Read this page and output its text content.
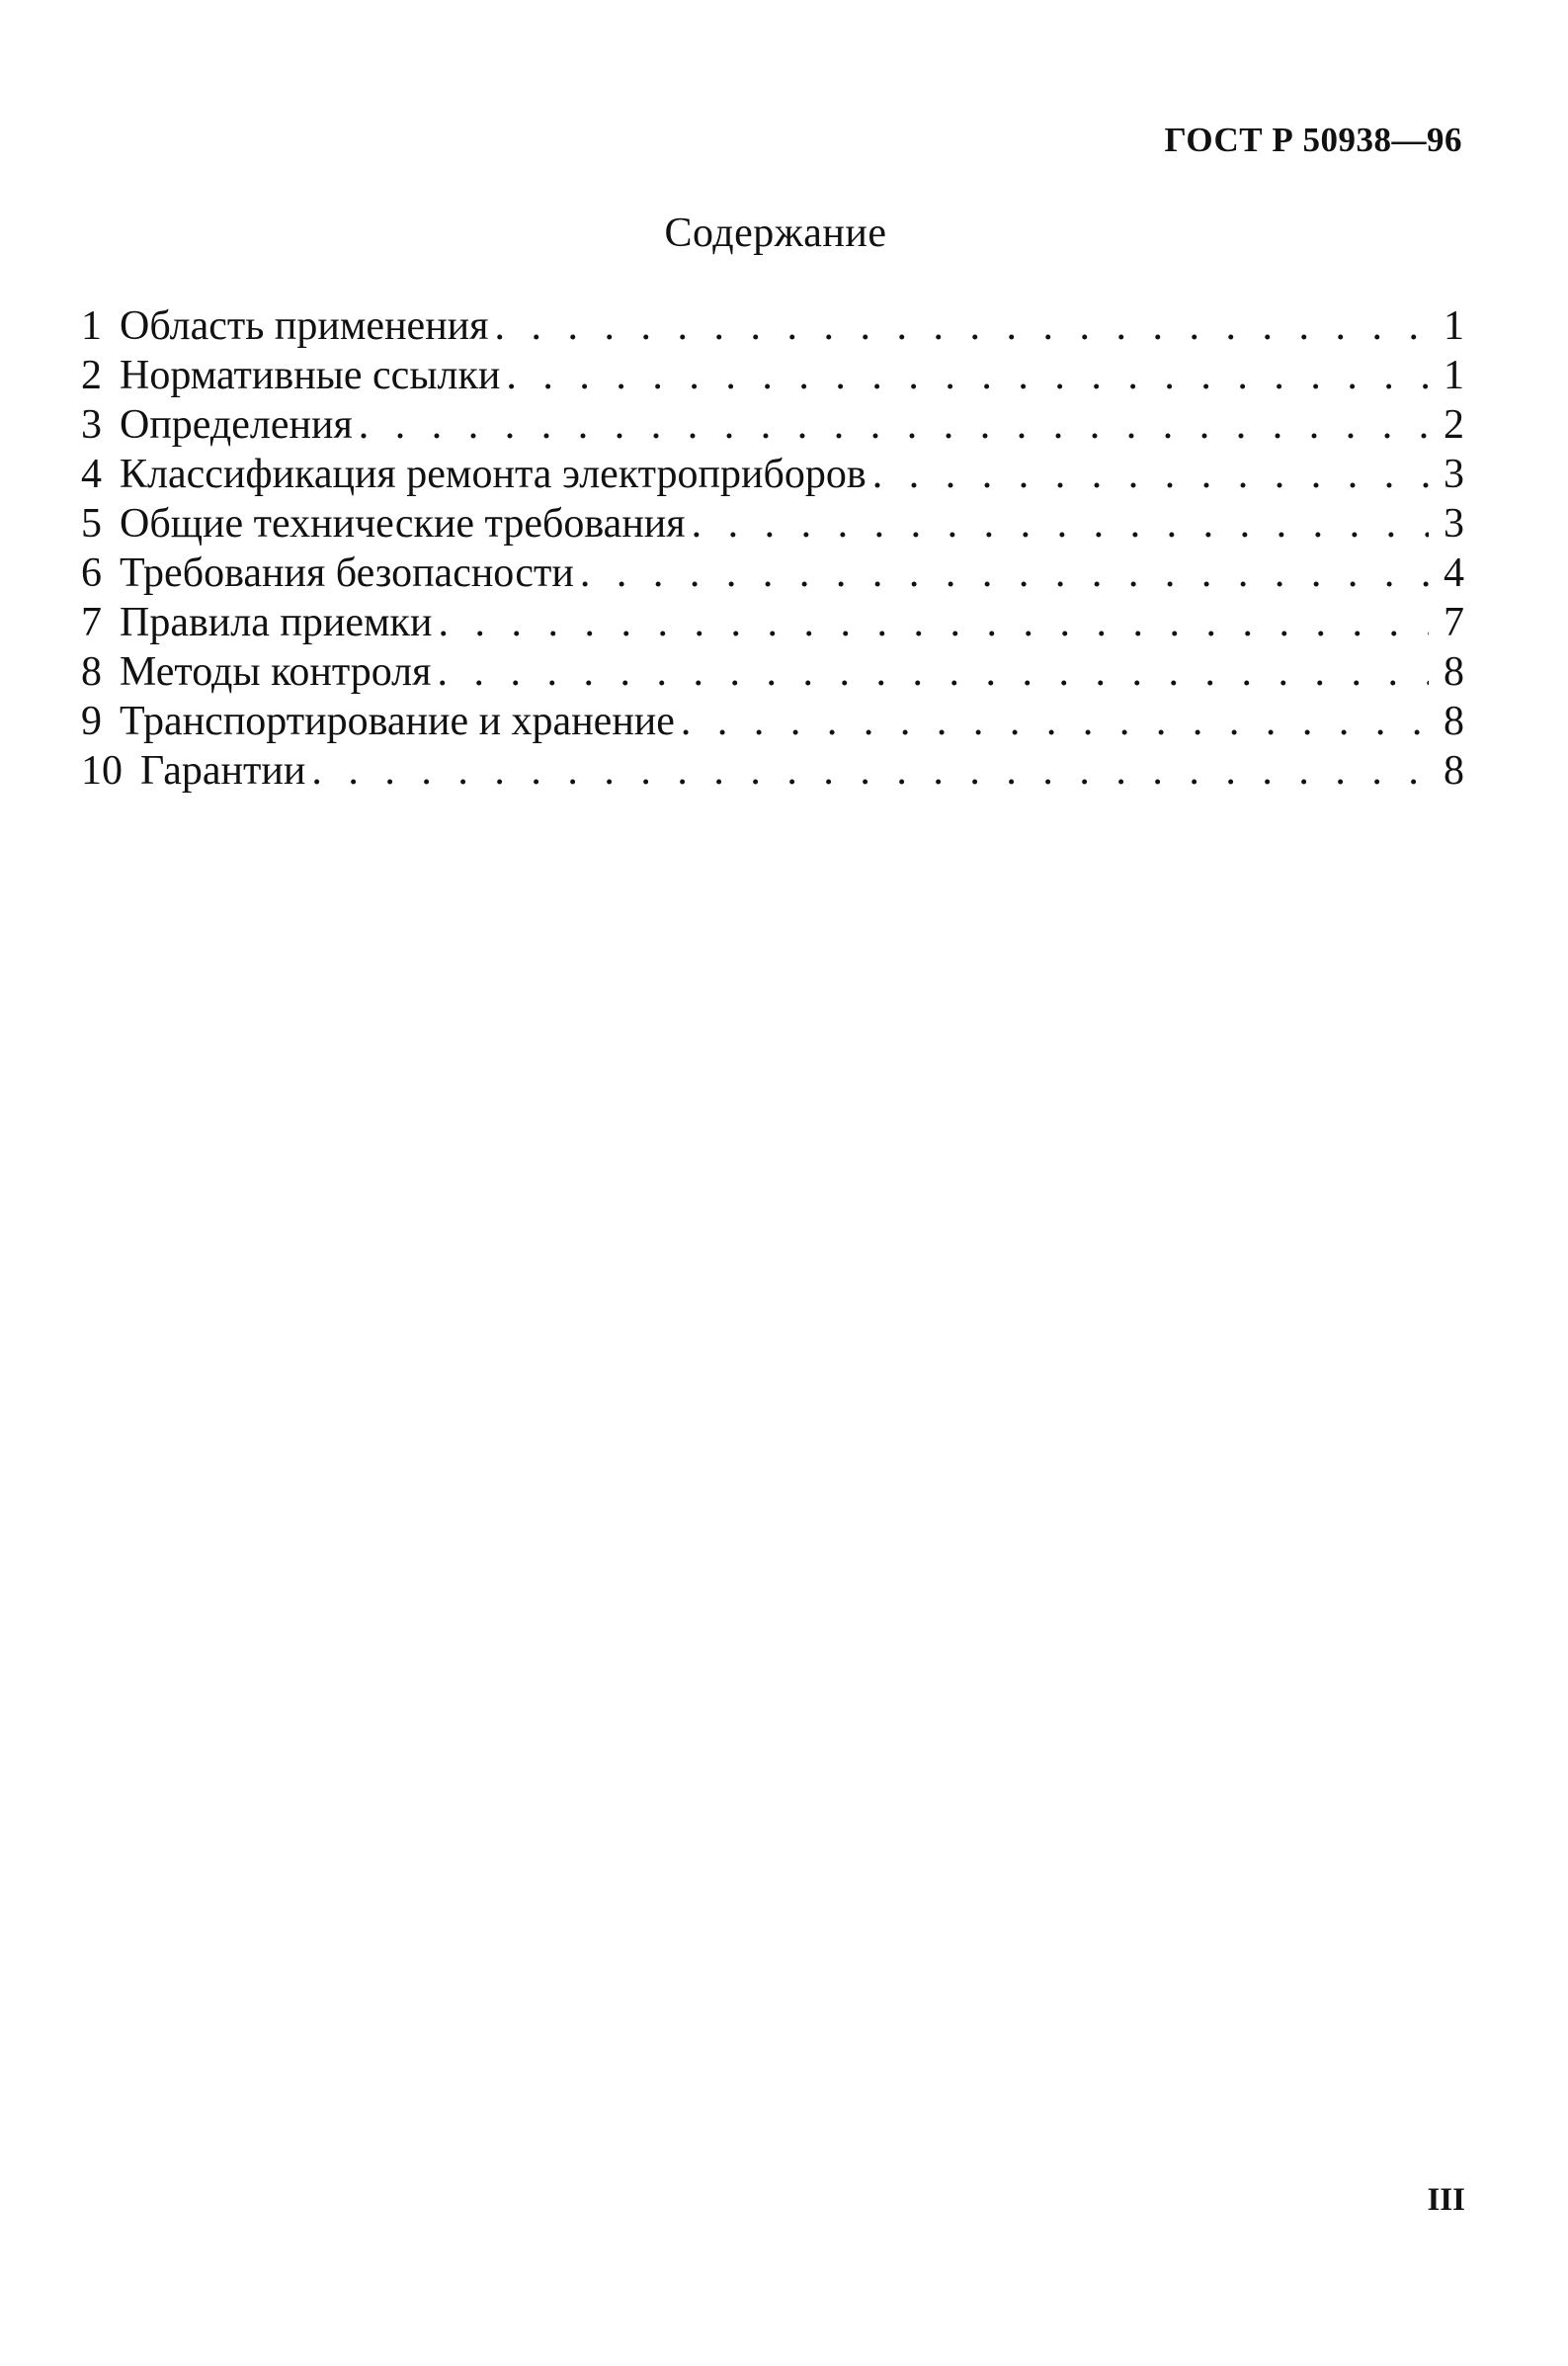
ГОСТ Р 50938—96
Содержание
1 Область применения . . .	1
2 Нормативные ссылки . . .	1
3 Определения . . .	2
4 Классификация ремонта электроприборов . . .	3
5 Общие технические требования . . .	3
6 Требования безопасности . . .	4
7 Правила приемки . . .	7
8 Методы контроля . . .	8
9 Транспортирование и хранение . . .	8
10 Гарантии . . .	8
III
